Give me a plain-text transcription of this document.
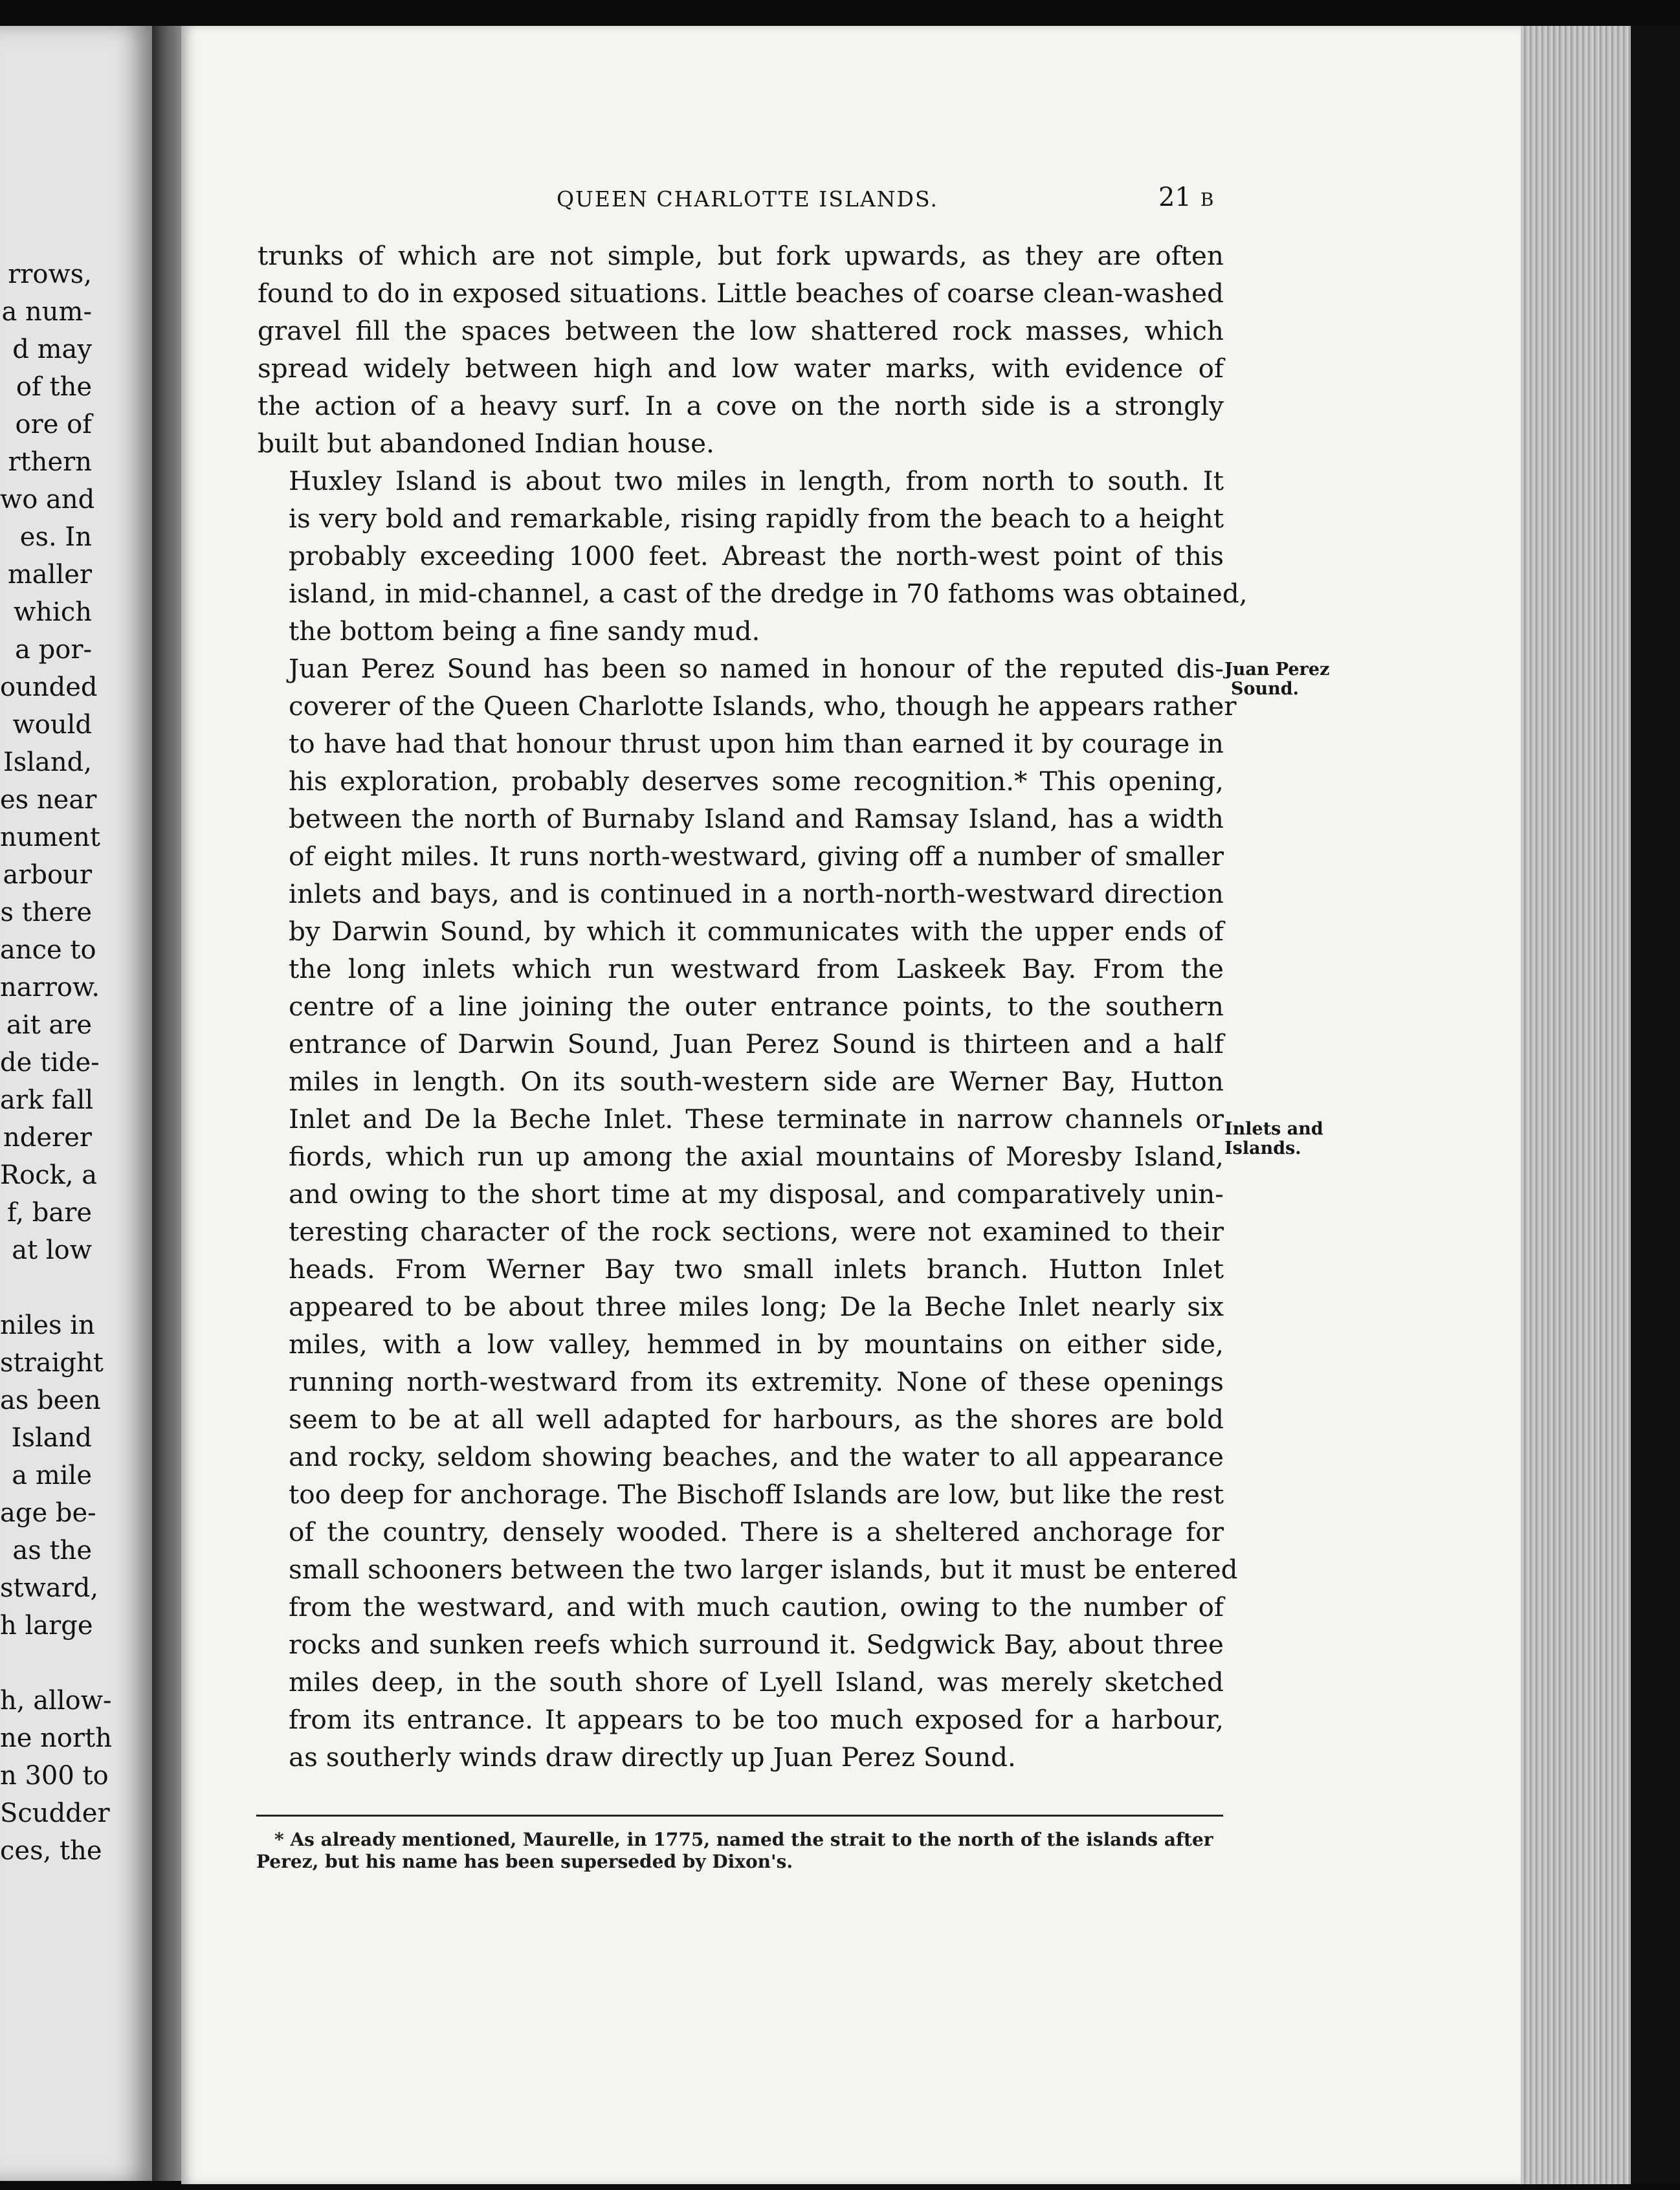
rrows,
a num-
d may
of the
ore of
rthern
wo and
es. In
maller
which
a por-
ounded
would
Island,
es near
nument
arbour
s there
ance to
narrow.
ait are
de tide-
ark fall
nderer
Rock, a
f, bare
at low
niles in
straight
as been
Island
a mile
age be-
as the
stward,
h large
h, allow-
ne north
n 300 to
Scudder
ces, the
QUEEN CHARLOTTE ISLANDS.	21 B

trunks of which are not simple, but fork upwards, as they are often
found to do in exposed situations. Little beaches of coarse clean-washed
gravel fill the spaces between the low shattered rock masses, which
spread widely between high and low water marks, with evidence of
the action of a heavy surf. In a cove on the north side is a strongly
built but abandoned Indian house.

Huxley Island is about two miles in length, from north to south. It
is very bold and remarkable, rising rapidly from the beach to a height
probably exceeding 1000 feet. Abreast the north-west point of this
island, in mid-channel, a cast of the dredge in 70 fathoms was obtained,
the bottom being a fine sandy mud.

Juan Perez Sound has been so named in honour of the reputed dis-
coverer of the Queen Charlotte Islands, who, though he appears rather
to have had that honour thrust upon him than earned it by courage in
his exploration, probably deserves some recognition.* This opening,
between the north of Burnaby Island and Ramsay Island, has a width
of eight miles. It runs north-westward, giving off a number of smaller
inlets and bays, and is continued in a north-north-westward direction
by Darwin Sound, by which it communicates with the upper ends of
the long inlets which run westward from Laskeek Bay. From the
centre of a line joining the outer entrance points, to the southern
entrance of Darwin Sound, Juan Perez Sound is thirteen and a half
miles in length. On its south-western side are Werner Bay, Hutton
Inlet and De la Beche Inlet. These terminate in narrow channels or
fiords, which run up among the axial mountains of Moresby Island,
and owing to the short time at my disposal, and comparatively unin-
teresting character of the rock sections, were not examined to their
heads. From Werner Bay two small inlets branch. Hutton Inlet
appeared to be about three miles long; De la Beche Inlet nearly six
miles, with a low valley, hemmed in by mountains on either side,
running north-westward from its extremity. None of these openings
seem to be at all well adapted for harbours, as the shores are bold
and rocky, seldom showing beaches, and the water to all appearance
too deep for anchorage. The Bischoff Islands are low, but like the rest
of the country, densely wooded. There is a sheltered anchorage for
small schooners between the two larger islands, but it must be entered
from the westward, and with much caution, owing to the number of
rocks and sunken reefs which surround it. Sedgwick Bay, about three
miles deep, in the south shore of Lyell Island, was merely sketched
from its entrance. It appears to be too much exposed for a harbour,
as southerly winds draw directly up Juan Perez Sound.

Juan Perez
Sound.
Inlets and
Islands.
* As already mentioned, Maurelle, in 1775, named the strait to the north of the islands after
Perez, but his name has been superseded by Dixon's.
